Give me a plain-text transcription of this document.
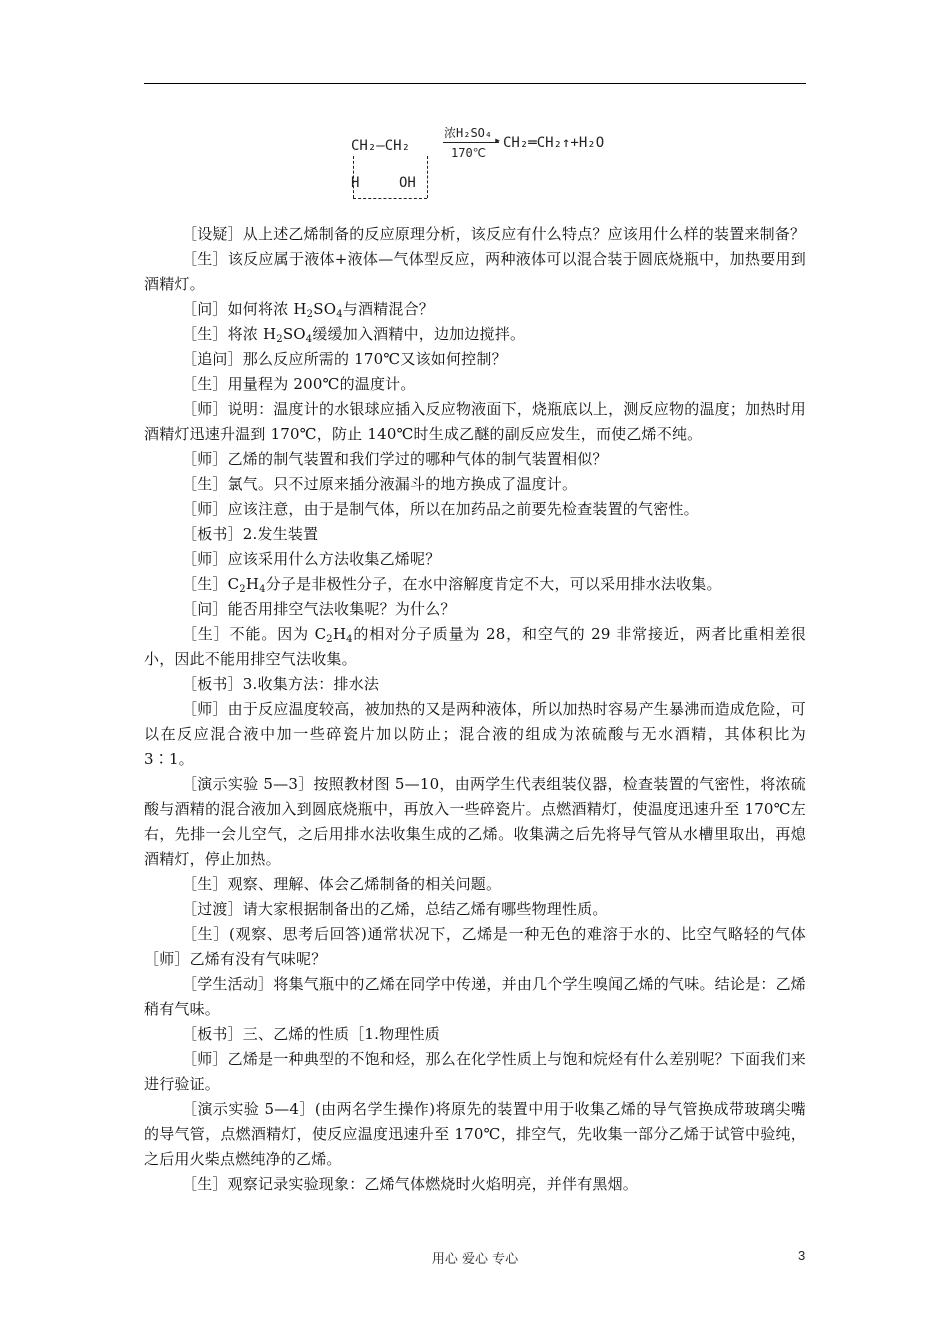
CH₂—CH₂
H	OH
浓H₂SO₄ ▸
170℃
CH₂═CH₂↑+H₂O

［设疑］从上述乙烯制备的反应原理分析，该反应有什么特点？应该用什么样的装置来制备？

［生］该反应属于液体+液体—气体型反应，两种液体可以混合装于圆底烧瓶中，加热要用到酒精灯。

［问］如何将浓 $H_2SO_4$与酒精混合？

［生］将浓 $H_2SO_4$缓缓加入酒精中，边加边搅拌。

［追问］那么反应所需的 170℃又该如何控制？

［生］用量程为 200℃的温度计。

［师］说明：温度计的水银球应插入反应物液面下，烧瓶底以上，测反应物的温度；加热时用酒精灯迅速升温到 170℃，防止 140℃时生成乙醚的副反应发生，而使乙烯不纯。

［师］乙烯的制气装置和我们学过的哪种气体的制气装置相似？

［生］氯气。只不过原来插分液漏斗的地方换成了温度计。

［师］应该注意，由于是制气体，所以在加药品之前要先检查装置的气密性。

［板书］2.发生装置

［师］应该采用什么方法收集乙烯呢？

［生$]C_2H_4$分子是非极性分子，在水中溶解度肯定不大，可以采用排水法收集。

［问］能否用排空气法收集呢？为什么？

［生］不能。因为 $C_2H_4$的相对分子质量为 28，和空气的 29 非常接近，两者比重相差很小，因此不能用排空气法收集。

［板书］3.收集方法：排水法

［师］由于反应温度较高，被加热的又是两种液体，所以加热时容易产生暴沸而造成危险，可以在反应混合液中加一些碎瓷片加以防止；混合液的组成为浓硫酸与无水酒精，其体积比为 3∶1。

［演示实验 5—3］按照教材图 5—10，由两学生代表组装仪器，检查装置的气密性，将浓硫酸与酒精的混合液加入到圆底烧瓶中，再放入一些碎瓷片。点燃酒精灯，使温度迅速升至 170℃左右，先排一会儿空气，之后用排水法收集生成的乙烯。收集满之后先将导气管从水槽里取出，再熄酒精灯，停止加热。

［生］观察、理解、体会乙烯制备的相关问题。

［过渡］请大家根据制备出的乙烯，总结乙烯有哪些物理性质。

［生］(观察、思考后回答)通常状况下，乙烯是一种无色的难溶于水的、比空气略轻的气体［师］乙烯有没有气味呢？

［学生活动］将集气瓶中的乙烯在同学中传递，并由几个学生嗅闻乙烯的气味。结论是：乙烯稍有气味。

［板书］三、乙烯的性质［1.物理性质

［师］乙烯是一种典型的不饱和烃，那么在化学性质上与饱和烷烃有什么差别呢？下面我们来进行验证。

［演示实验 5—4］(由两名学生操作)将原先的装置中用于收集乙烯的导气管换成带玻璃尖嘴的导气管，点燃酒精灯，使反应温度迅速升至 170℃，排空气，先收集一部分乙烯于试管中验纯，之后用火柴点燃纯净的乙烯。

［生］观察记录实验现象：乙烯气体燃烧时火焰明亮，并伴有黑烟。

用心 爱心 专心	3
